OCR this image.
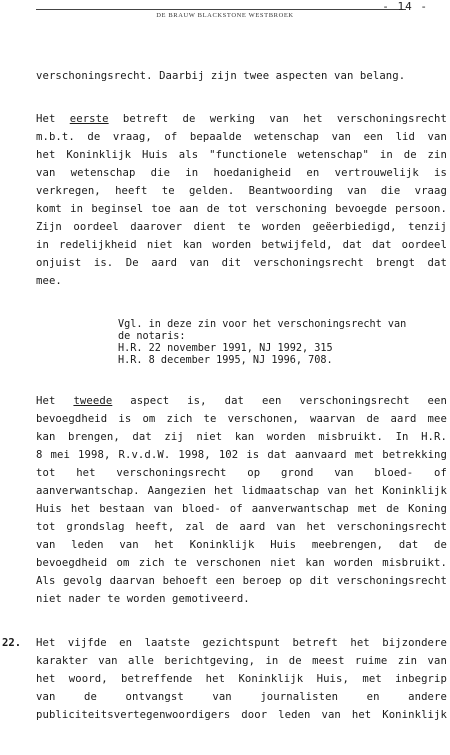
DE BRAUW BLACKSTONE WESTBROEK
- 14 -
verschoningsrecht. Daarbij zijn twee aspecten van belang.
Het eerste betreft de werking van het verschoningsrecht
m.b.t. de vraag, of bepaalde wetenschap van een lid van
het Koninklijk Huis als "functionele wetenschap" in de zin
van wetenschap die in hoedanigheid en vertrouwelijk is
verkregen, heeft te gelden. Beantwoording van die vraag
komt in beginsel toe aan de tot verschoning bevoegde persoon.
Zijn oordeel daarover dient te worden geëerbiedigd, tenzij
in redelijkheid niet kan worden betwijfeld, dat dat oordeel
onjuist is. De aard van dit verschoningsrecht brengt dat
mee.
Vgl. in deze zin voor het verschoningsrecht van
de notaris:
H.R. 22 november 1991, NJ 1992, 315
H.R. 8 december 1995, NJ 1996, 708.
Het tweede aspect is, dat een verschoningsrecht een
bevoegdheid is om zich te verschonen, waarvan de aard mee
kan brengen, dat zij niet kan worden misbruikt. In H.R.
8 mei 1998, R.v.d.W. 1998, 102 is dat aanvaard met betrekking
tot het verschoningsrecht op grond van bloed- of
aanverwantschap. Aangezien het lidmaatschap van het Koninklijk
Huis het bestaan van bloed- of aanverwantschap met de Koning
tot grondslag heeft, zal de aard van het verschoningsrecht
van leden van het Koninklijk Huis meebrengen, dat de
bevoegdheid om zich te verschonen niet kan worden misbruikt.
Als gevolg daarvan behoeft een beroep op dit verschoningsrecht
niet nader te worden gemotiveerd.
22. Het vijfde en laatste gezichtspunt betreft het bijzondere
karakter van alle berichtgeving, in de meest ruime zin van
het woord, betreffende het Koninklijk Huis, met inbegrip
van de ontvangst van journalisten en andere
publiciteitsvertegenwoordigers door leden van het Koninklijk
